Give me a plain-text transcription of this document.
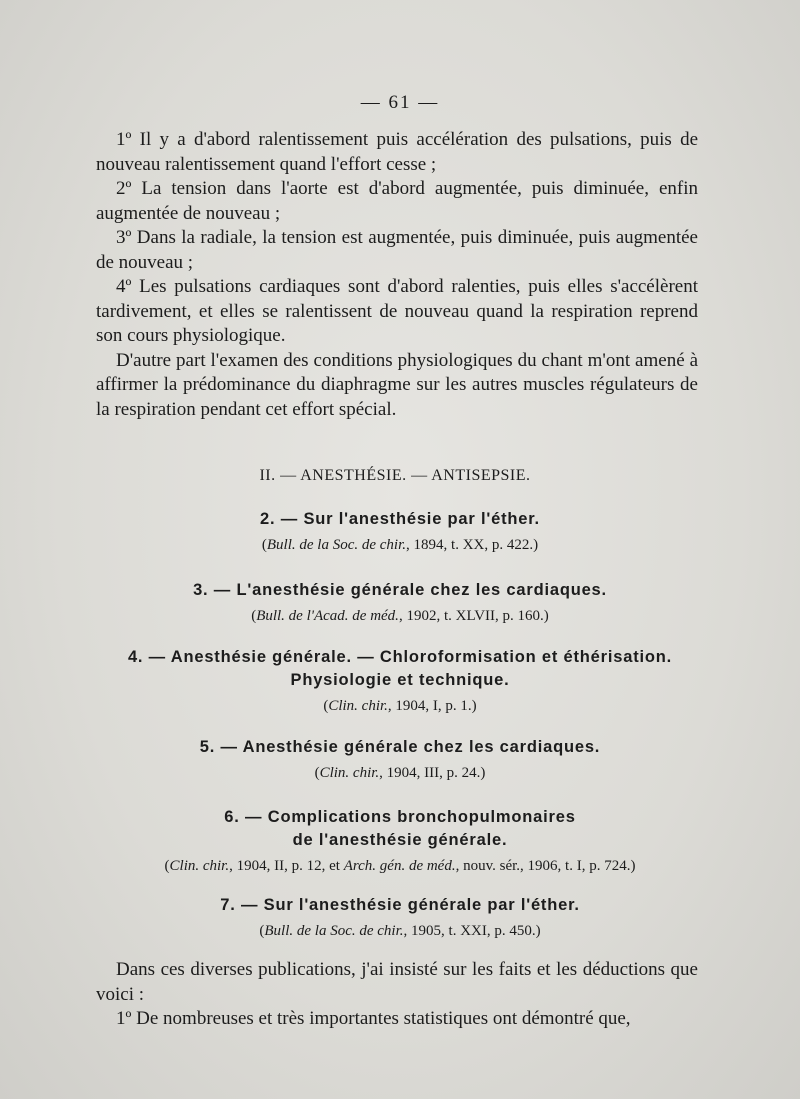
— 61 —

1º Il y a d'abord ralentissement puis accélération des pulsations, puis de nouveau ralentissement quand l'effort cesse ;

2º La tension dans l'aorte est d'abord augmentée, puis diminuée, enfin augmentée de nouveau ;

3º Dans la radiale, la tension est augmentée, puis diminuée, puis augmentée de nouveau ;

4º Les pulsations cardiaques sont d'abord ralenties, puis elles s'accélèrent tardivement, et elles se ralentissent de nouveau quand la respiration reprend son cours physiologique.

D'autre part l'examen des conditions physiologiques du chant m'ont amené à affirmer la prédominance du diaphragme sur les autres muscles régulateurs de la respiration pendant cet effort spécial.

II. — ANESTHÉSIE. — ANTISEPSIE.
2. — Sur l'anesthésie par l'éther.
(Bull. de la Soc. de chir., 1894, t. XX, p. 422.)
3. — L'anesthésie générale chez les cardiaques.
(Bull. de l'Acad. de méd., 1902, t. XLVII, p. 160.)
4. — Anesthésie générale. — Chloroformisation et éthérisation.
Physiologie et technique.
(Clin. chir., 1904, I, p. 1.)
5. — Anesthésie générale chez les cardiaques.
(Clin. chir., 1904, III, p. 24.)
6. — Complications bronchopulmonaires
de l'anesthésie générale.
(Clin. chir., 1904, II, p. 12, et Arch. gén. de méd., nouv. sér., 1906, t. I, p. 724.)
7. — Sur l'anesthésie générale par l'éther.
(Bull. de la Soc. de chir., 1905, t. XXI, p. 450.)

Dans ces diverses publications, j'ai insisté sur les faits et les déductions que voici :

1º De nombreuses et très importantes statistiques ont démontré que,
